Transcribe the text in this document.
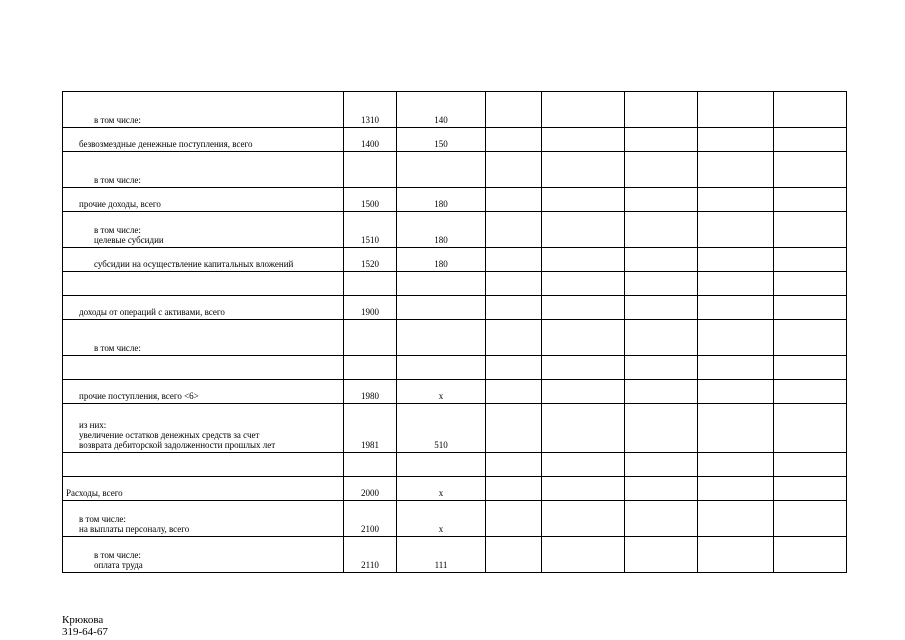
в том числе:	1310	140						

безвозмездные денежные поступления, всего	1400	150						

в том числе:								

прочие доходы, всего	1500	180						

в том числе:
целевые субсидии	1510	180						

субсидии на осуществление капитальных вложений	1520	180						

доходы от операций с активами, всего	1900							

в том числе:								

прочие поступления, всего <6>	1980	x						

из них:
увеличение остатков денежных средств за счет
возврата дебиторской задолженности прошлых лет	1981	510						

Расходы, всего	2000	x						

в том числе:
на выплаты персоналу, всего	2100	x						

в том числе:
оплата труда	2110	111						
Крюкова
319-64-67
